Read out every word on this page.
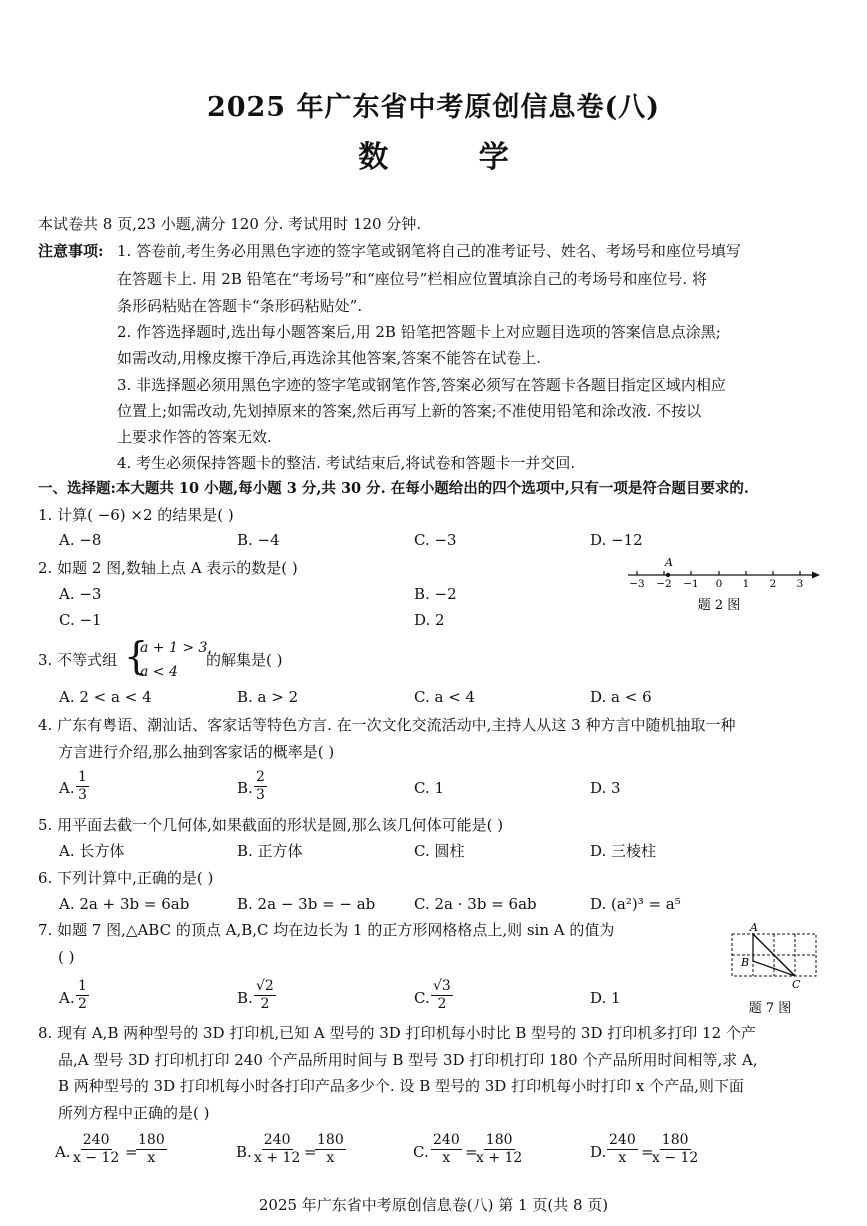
2025 年广东省中考原创信息卷(八)
数 学
本试卷共 8 页,23 小题,满分 120 分. 考试用时 120 分钟.
注意事项: 1. 答卷前,考生务必用黑色字迹的签字笔或钢笔将自己的准考证号、姓名、考场号和座位号填写
在答题卡上. 用 2B 铅笔在“考场号”和“座位号”栏相应位置填涂自己的考场号和座位号. 将
条形码粘贴在答题卡“条形码粘贴处”.
2. 作答选择题时,选出每小题答案后,用 2B 铅笔把答题卡上对应题目选项的答案信息点涂黑;
如需改动,用橡皮擦干净后,再选涂其他答案,答案不能答在试卷上.
3. 非选择题必须用黑色字迹的签字笔或钢笔作答,答案必须写在答题卡各题目指定区域内相应
位置上;如需改动,先划掉原来的答案,然后再写上新的答案;不准使用铅笔和涂改液. 不按以
上要求作答的答案无效.
4. 考生必须保持答题卡的整洁. 考试结束后,将试卷和答题卡一并交回.
一、选择题:本大题共 10 小题,每小题 3 分,共 30 分. 在每小题给出的四个选项中,只有一项是符合题目要求的.
1. 计算( −6) ×2 的结果是( )
A. −8	B. −4	C. −3	D. −12
2. 如题 2 图,数轴上点 A 表示的数是( )
A. −3	B. −2
C. −1	D. 2
A
−3 −2 −1 0 1 2 3
题 2 图
3. 不等式组 {
a + 1 > 3,
a < 4
的解集是( )
A. 2 < a < 4	B. a > 2	C. a < 4	D. a < 6
4. 广东有粤语、潮汕话、客家话等特色方言. 在一次文化交流活动中,主持人从这 3 种方言中随机抽取一种
方言进行介绍,那么抽到客家话的概率是( )
A. $\frac{1}{3}$	B. $\frac{2}{3}$	C. 1	D. 3
5. 用平面去截一个几何体,如果截面的形状是圆,那么该几何体可能是( )
A. 长方体	B. 正方体	C. 圆柱	D. 三棱柱
6. 下列计算中,正确的是( )
A. 2a + 3b = 6ab	B. 2a − 3b = − ab	C. 2a · 3b = 6ab	D. (a²)³ = a⁵
7. 如题 7 图,△ABC 的顶点 A,B,C 均在边长为 1 的正方形网格格点上,则 sin A 的值为
( )
A. $\frac{1}{2}$	B. $\frac{√2}{2}$	C. $\frac{√3}{2}$	D. 1
A
B
C
题 7 图
8. 现有 A,B 两种型号的 3D 打印机,已知 A 型号的 3D 打印机每小时比 B 型号的 3D 打印机多打印 12 个产
品,A 型号 3D 打印机打印 240 个产品所用时间与 B 型号 3D 打印机打印 180 个产品所用时间相等,求 A,
B 两种型号的 3D 打印机每小时各打印产品多少个. 设 B 型号的 3D 打印机每小时打印 x 个产品,则下面
所列方程中正确的是( )
A. $\frac{240}{x - 12}$ =
$\frac{180}{x}$	B. $\frac{240}{x + 12}$ =
$\frac{180}{x}$	C. $\frac{240}{x}$ =
$\frac{180}{x + 12}$	D. $\frac{240}{x}$ =
$\frac{180}{x - 12}$
2025 年广东省中考原创信息卷(八) 第 1 页(共 8 页)
